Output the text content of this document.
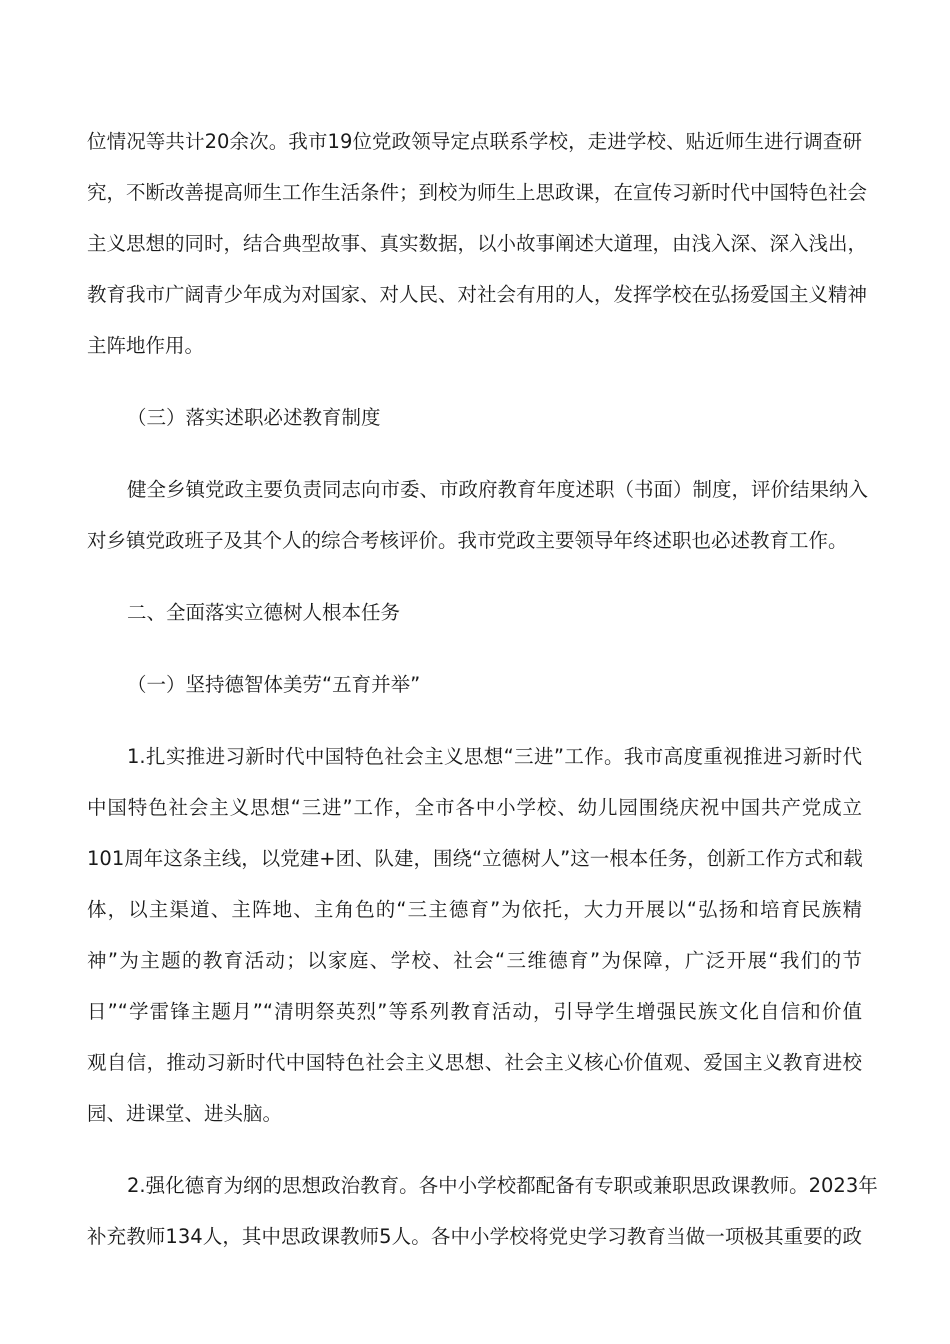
位情况等共计20余次。我市19位党政领导定点联系学校，走进学校、贴近师生进行调查研
究，不断改善提高师生工作生活条件；到校为师生上思政课，在宣传习新时代中国特色社会
主义思想的同时，结合典型故事、真实数据，以小故事阐述大道理，由浅入深、深入浅出，
教育我市广阔青少年成为对国家、对人民、对社会有用的人，发挥学校在弘扬爱国主义精神
主阵地作用。
（三）落实述职必述教育制度
健全乡镇党政主要负责同志向市委、市政府教育年度述职（书面）制度，评价结果纳入
对乡镇党政班子及其个人的综合考核评价。我市党政主要领导年终述职也必述教育工作。
二、全面落实立德树人根本任务
（一）坚持德智体美劳“五育并举”
1.扎实推进习新时代中国特色社会主义思想“三进”工作。我市高度重视推进习新时代
中国特色社会主义思想“三进”工作，全市各中小学校、幼儿园围绕庆祝中国共产党成立
101周年这条主线，以党建+团、队建，围绕“立德树人”这一根本任务，创新工作方式和载
体，以主渠道、主阵地、主角色的“三主德育”为依托，大力开展以“弘扬和培育民族精
神”为主题的教育活动；以家庭、学校、社会“三维德育”为保障，广泛开展“我们的节
日”“学雷锋主题月”“清明祭英烈”等系列教育活动，引导学生增强民族文化自信和价值
观自信，推动习新时代中国特色社会主义思想、社会主义核心价值观、爱国主义教育进校
园、进课堂、进头脑。
2.强化德育为纲的思想政治教育。各中小学校都配备有专职或兼职思政课教师。2023年
补充教师134人，其中思政课教师5人。各中小学校将党史学习教育当做一项极其重要的政
